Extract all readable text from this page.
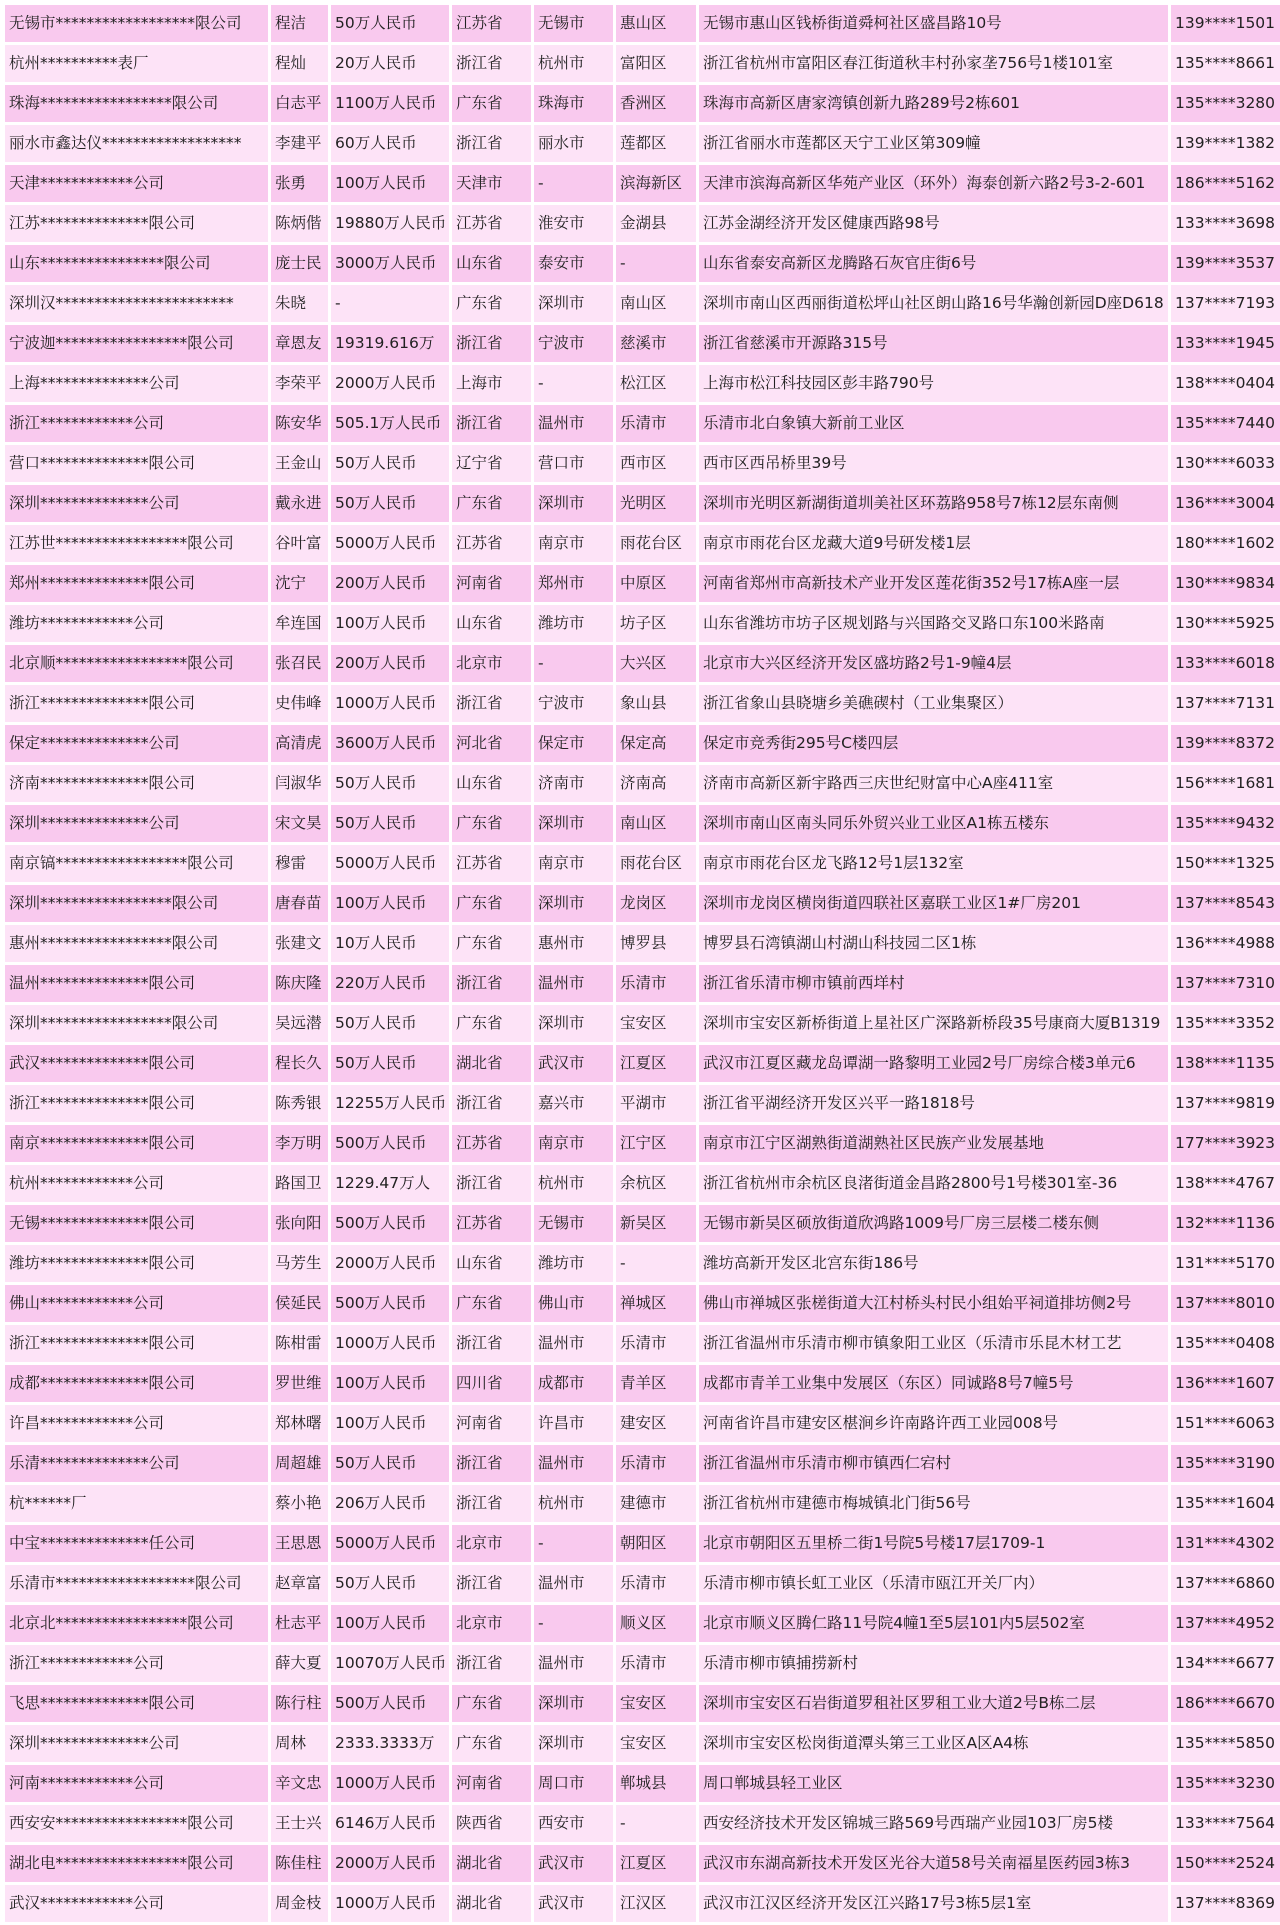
无锡市******************限公司	程洁	50万人民币	江苏省	无锡市	惠山区	无锡市惠山区钱桥街道舜柯社区盛昌路10号	139****1501
杭州**********表厂	程灿	20万人民币	浙江省	杭州市	富阳区	浙江省杭州市富阳区春江街道秋丰村孙家垄756号1楼101室	135****8661
珠海*****************限公司	白志平	1100万人民币	广东省	珠海市	香洲区	珠海市高新区唐家湾镇创新九路289号2栋601	135****3280
丽水市鑫达仪******************	李建平	60万人民币	浙江省	丽水市	莲都区	浙江省丽水市莲都区天宁工业区第309幢	139****1382
天津************公司	张勇	100万人民币	天津市	-	滨海新区	天津市滨海高新区华苑产业区（环外）海泰创新六路2号3-2-601	186****5162
江苏**************限公司	陈炳偕	19880万人民币	江苏省	淮安市	金湖县	江苏金湖经济开发区健康西路98号	133****3698
山东****************限公司	庞士民	3000万人民币	山东省	泰安市	-	山东省泰安高新区龙腾路石灰官庄街6号	139****3537
深圳汉***********************	朱晓	-	广东省	深圳市	南山区	深圳市南山区西丽街道松坪山社区朗山路16号华瀚创新园D座D618	137****7193
宁波迦*****************限公司	章恩友	19319.616万	浙江省	宁波市	慈溪市	浙江省慈溪市开源路315号	133****1945
上海**************公司	李荣平	2000万人民币	上海市	-	松江区	上海市松江科技园区彭丰路790号	138****0404
浙江************公司	陈安华	505.1万人民币	浙江省	温州市	乐清市	乐清市北白象镇大新前工业区	135****7440
营口**************限公司	王金山	50万人民币	辽宁省	营口市	西市区	西市区西吊桥里39号	130****6033
深圳**************公司	戴永进	50万人民币	广东省	深圳市	光明区	深圳市光明区新湖街道圳美社区环荔路958号7栋12层东南侧	136****3004
江苏世*****************限公司	谷叶富	5000万人民币	江苏省	南京市	雨花台区	南京市雨花台区龙藏大道9号研发楼1层	180****1602
郑州**************限公司	沈宁	200万人民币	河南省	郑州市	中原区	河南省郑州市高新技术产业开发区莲花街352号17栋A座一层	130****9834
潍坊************公司	牟连国	100万人民币	山东省	潍坊市	坊子区	山东省潍坊市坊子区规划路与兴国路交叉路口东100米路南	130****5925
北京顺*****************限公司	张召民	200万人民币	北京市	-	大兴区	北京市大兴区经济开发区盛坊路2号1-9幢4层	133****6018
浙江**************限公司	史伟峰	1000万人民币	浙江省	宁波市	象山县	浙江省象山县晓塘乡美礁碶村（工业集聚区）	137****7131
保定**************公司	高清虎	3600万人民币	河北省	保定市	保定高	保定市竞秀街295号C楼四层	139****8372
济南**************限公司	闫淑华	50万人民币	山东省	济南市	济南高	济南市高新区新宇路西三庆世纪财富中心A座411室	156****1681
深圳**************公司	宋文昊	50万人民币	广东省	深圳市	南山区	深圳市南山区南头同乐外贸兴业工业区A1栋五楼东	135****9432
南京镐*****************限公司	穆雷	5000万人民币	江苏省	南京市	雨花台区	南京市雨花台区龙飞路12号1层132室	150****1325
深圳*****************限公司	唐春苗	100万人民币	广东省	深圳市	龙岗区	深圳市龙岗区横岗街道四联社区嘉联工业区1#厂房201	137****8543
惠州*****************限公司	张建文	10万人民币	广东省	惠州市	博罗县	博罗县石湾镇湖山村湖山科技园二区1栋	136****4988
温州**************限公司	陈庆隆	220万人民币	浙江省	温州市	乐清市	浙江省乐清市柳市镇前西垟村	137****7310
深圳*****************限公司	吴远潜	50万人民币	广东省	深圳市	宝安区	深圳市宝安区新桥街道上星社区广深路新桥段35号康商大厦B1319	135****3352
武汉**************限公司	程长久	50万人民币	湖北省	武汉市	江夏区	武汉市江夏区藏龙岛谭湖一路黎明工业园2号厂房综合楼3单元6	138****1135
浙江**************限公司	陈秀银	12255万人民币	浙江省	嘉兴市	平湖市	浙江省平湖经济开发区兴平一路1818号	137****9819
南京**************限公司	李万明	500万人民币	江苏省	南京市	江宁区	南京市江宁区湖熟街道湖熟社区民族产业发展基地	177****3923
杭州************公司	路国卫	1229.47万人	浙江省	杭州市	余杭区	浙江省杭州市余杭区良渚街道金昌路2800号1号楼301室-36	138****4767
无锡**************限公司	张向阳	500万人民币	江苏省	无锡市	新吴区	无锡市新吴区硕放街道欣鸿路1009号厂房三层楼二楼东侧	132****1136
潍坊**************限公司	马芳生	2000万人民币	山东省	潍坊市	-	潍坊高新开发区北宫东街186号	131****5170
佛山************公司	侯延民	500万人民币	广东省	佛山市	禅城区	佛山市禅城区张槎街道大江村桥头村民小组始平祠道排坊侧2号	137****8010
浙江**************限公司	陈柑雷	1000万人民币	浙江省	温州市	乐清市	浙江省温州市乐清市柳市镇象阳工业区（乐清市乐昆木材工艺	135****0408
成都**************限公司	罗世维	100万人民币	四川省	成都市	青羊区	成都市青羊工业集中发展区（东区）同诚路8号7幢5号	136****1607
许昌************公司	郑林曙	100万人民币	河南省	许昌市	建安区	河南省许昌市建安区椹涧乡许南路许西工业园008号	151****6063
乐清**************公司	周超雄	50万人民币	浙江省	温州市	乐清市	浙江省温州市乐清市柳市镇西仁宕村	135****3190
杭******厂	蔡小艳	206万人民币	浙江省	杭州市	建德市	浙江省杭州市建德市梅城镇北门街56号	135****1604
中宝**************任公司	王思恩	5000万人民币	北京市	-	朝阳区	北京市朝阳区五里桥二街1号院5号楼17层1709-1	131****4302
乐清市******************限公司	赵章富	50万人民币	浙江省	温州市	乐清市	乐清市柳市镇长虹工业区（乐清市瓯江开关厂内）	137****6860
北京北*****************限公司	杜志平	100万人民币	北京市	-	顺义区	北京市顺义区腾仁路11号院4幢1至5层101内5层502室	137****4952
浙江************公司	薛大夏	10070万人民币	浙江省	温州市	乐清市	乐清市柳市镇捕捞新村	134****6677
飞思**************限公司	陈行柱	500万人民币	广东省	深圳市	宝安区	深圳市宝安区石岩街道罗租社区罗租工业大道2号B栋二层	186****6670
深圳**************公司	周林	2333.3333万	广东省	深圳市	宝安区	深圳市宝安区松岗街道潭头第三工业区A区A4栋	135****5850
河南************公司	辛文忠	1000万人民币	河南省	周口市	郸城县	周口郸城县轻工业区	135****3230
西安安*****************限公司	王士兴	6146万人民币	陕西省	西安市	-	西安经济技术开发区锦城三路569号西瑞产业园103厂房5楼	133****7564
湖北电*****************限公司	陈佳柱	2000万人民币	湖北省	武汉市	江夏区	武汉市东湖高新技术开发区光谷大道58号关南福星医药园3栋3	150****2524
武汉************公司	周金枝	1000万人民币	湖北省	武汉市	江汉区	武汉市江汉区经济开发区江兴路17号3栋5层1室	137****8369
